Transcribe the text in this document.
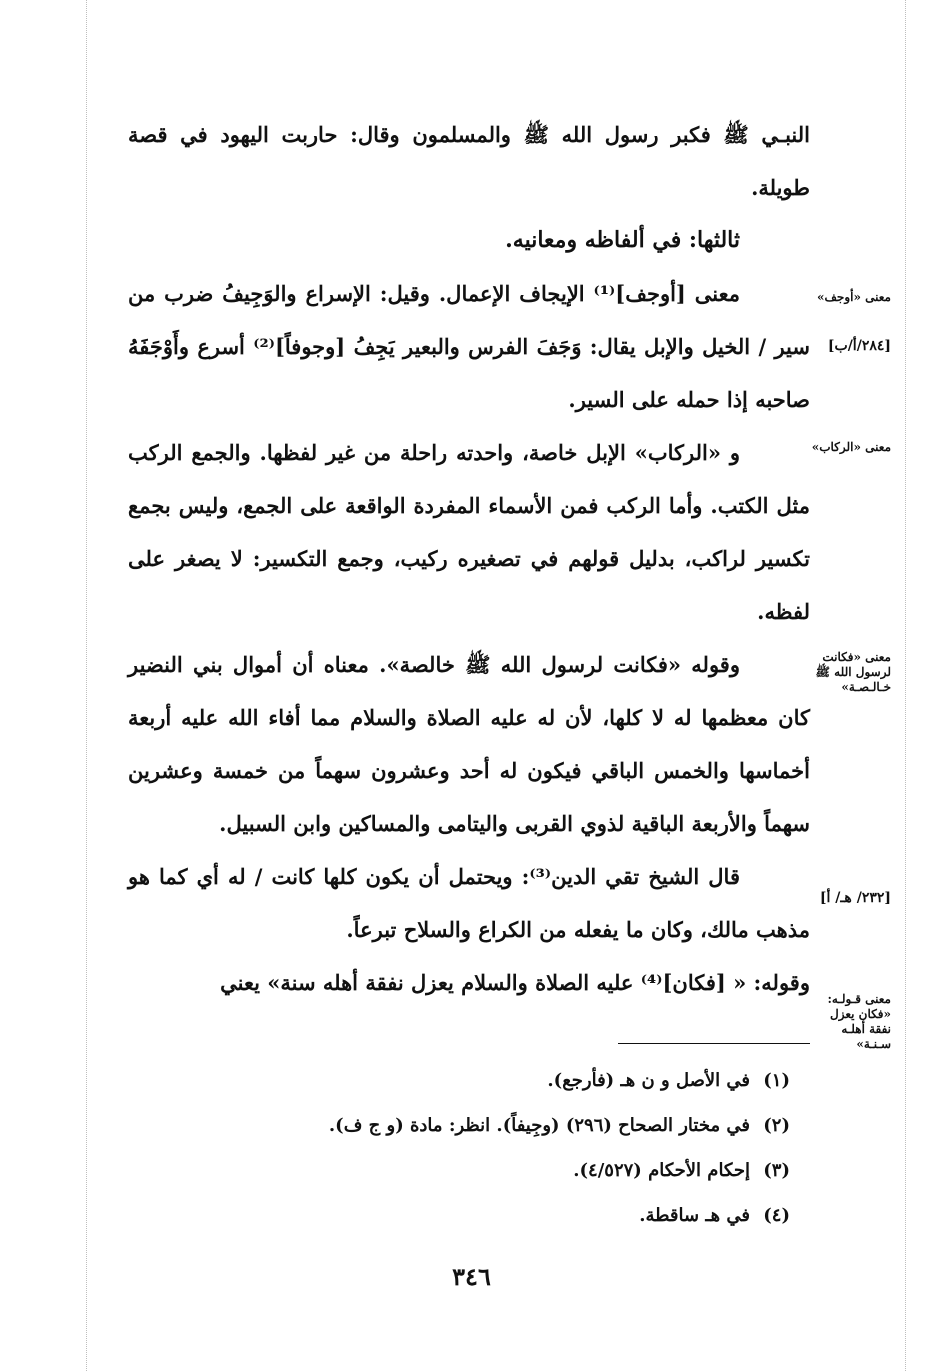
النبـي ﷺ فكبر رسول الله ﷺ والمسلمون وقال: حاربت اليهود في قصة طويلة.

ثالثها: في ألفاظه ومعانيه.

معنى [أوجف]⁽¹⁾ الإيجاف الإعمال. وقيل: الإسراع والوَجِيفُ ضرب من سير / الخيل والإبل يقال: وَجَفَ الفرس والبعير يَجِفُ [وجوفاً]⁽²⁾ أسرع وأَوْجَفَهُ صاحبه إذا حمله على السير.

و «الركاب» الإبل خاصة، واحدته راحلة من غير لفظها. والجمع الركب مثل الكتب. وأما الركب فمن الأسماء المفردة الواقعة على الجمع، وليس بجمع تكسير لراكب، بدليل قولهم في تصغيره ركيب، وجمع التكسير: لا يصغر على لفظه.

وقوله «فكانت لرسول الله ﷺ خالصة». معناه أن أموال بني النضير كان معظمها له لا كلها، لأن له عليه الصلاة والسلام مما أفاء الله عليه أربعة أخماسها والخمس الباقي فيكون له أحد وعشرون سهماً من خمسة وعشرين سهماً والأربعة الباقية لذوي القربى واليتامى والمساكين وابن السبيل.

قال الشيخ تقي الدين⁽³⁾: ويحتمل أن يكون كلها كانت / له أي كما هو مذهب مالك، وكان ما يفعله من الكراع والسلاح تبرعاً.

وقوله: « [فكان]⁽⁴⁾ عليه الصلاة والسلام يعزل نفقة أهله سنة» يعني

معنى «أوجف»
[٢٨٤/أ/ب]
معنى «الركاب»
معنى «فكانت لرسول الله ﷺ خـالـصـة»
[٢٣٢/ هـ/ أ]
معنى قـولـه: «فكان يعزل نفقة أهلـه سـنـة»
(١)في الأصل و ن هـ (فأرجع).
(٢)في مختار الصحاح (٢٩٦) (وجِيفاً). انظر: مادة (و ج ف).
(٣)إحكام الأحكام (٤/٥٢٧).
(٤)في هـ ساقطة.
٣٤٦
